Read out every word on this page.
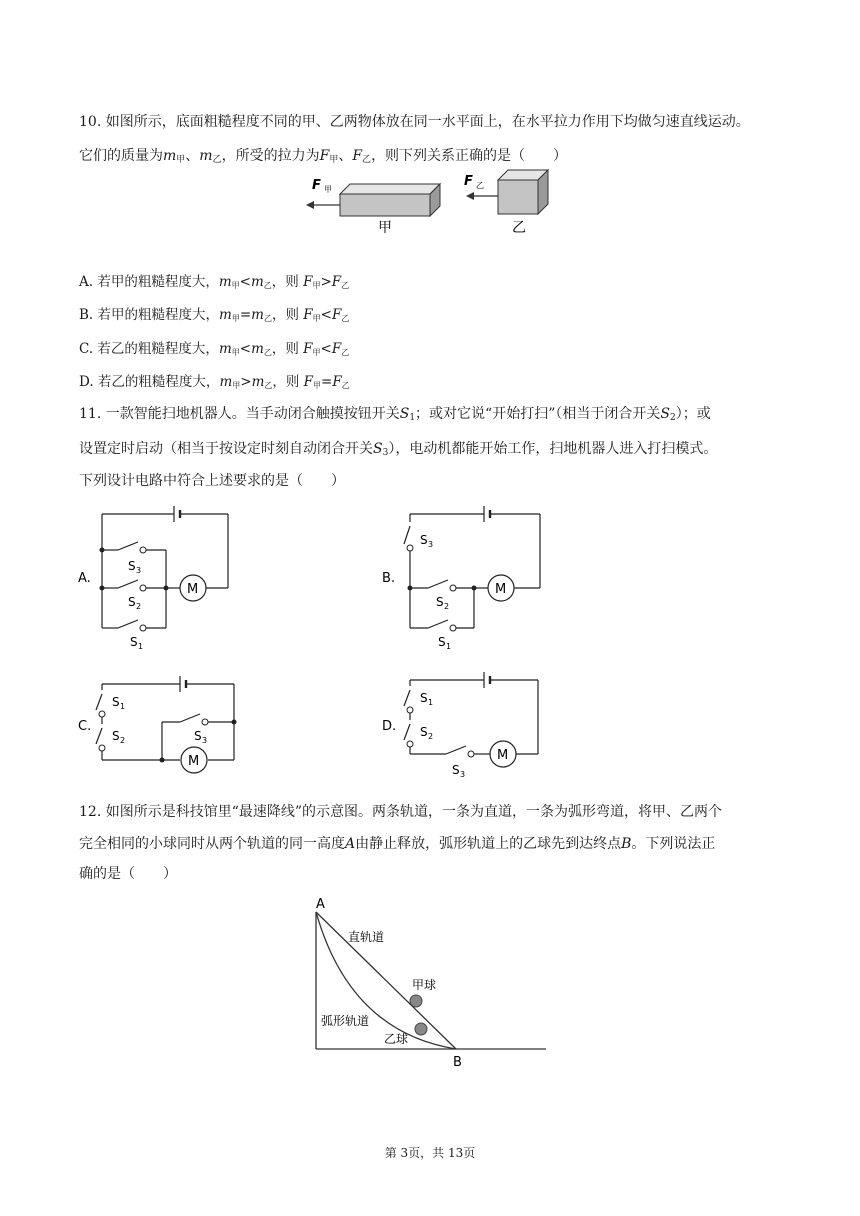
10. 如图所示，底面粗糙程度不同的甲、乙两物体放在同一水平面上，在水平拉力作用下均做匀速直线运动。
它们的质量为$m_甲$、$m_乙$，所受的拉力为$F_甲$、$F_乙$，则下列关系正确的是（　　）
F 甲
甲
F 乙
乙
A. 若甲的粗糙程度大，$m_甲<m_乙$，则 $F_甲>F_乙$
B. 若甲的粗糙程度大，$m_甲=m_乙$，则 $F_甲<F_乙$
C. 若乙的粗糙程度大，$m_甲<m_乙$，则 $F_甲<F_乙$
D. 若乙的粗糙程度大，$m_甲>m_乙$，则 $F_甲=F_乙$
11. 一款智能扫地机器人。当手动闭合触摸按钮开关$S_1$；或对它说“开始打扫”（相当于闭合开关$S_2$）；或
设置定时启动（相当于按设定时刻自动闭合开关$S_3$），电动机都能开始工作，扫地机器人进入打扫模式。
下列设计电路中符合上述要求的是（　　）
A.
M
S 3
S 2
S 1
B.
M
S 3
S 2
S 1
C.
M
S 1
S 2	S 3
D.
M
S 1
S 2
S 3
12. 如图所示是科技馆里“最速降线”的示意图。两条轨道，一条为直道，一条为弧形弯道，将甲、乙两个
完全相同的小球同时从两个轨道的同一高度A由静止释放，弧形轨道上的乙球先到达终点B。下列说法正
确的是（　　）
A
B
直轨道
甲球
弧形轨道
乙球
第 3页，共 13页
